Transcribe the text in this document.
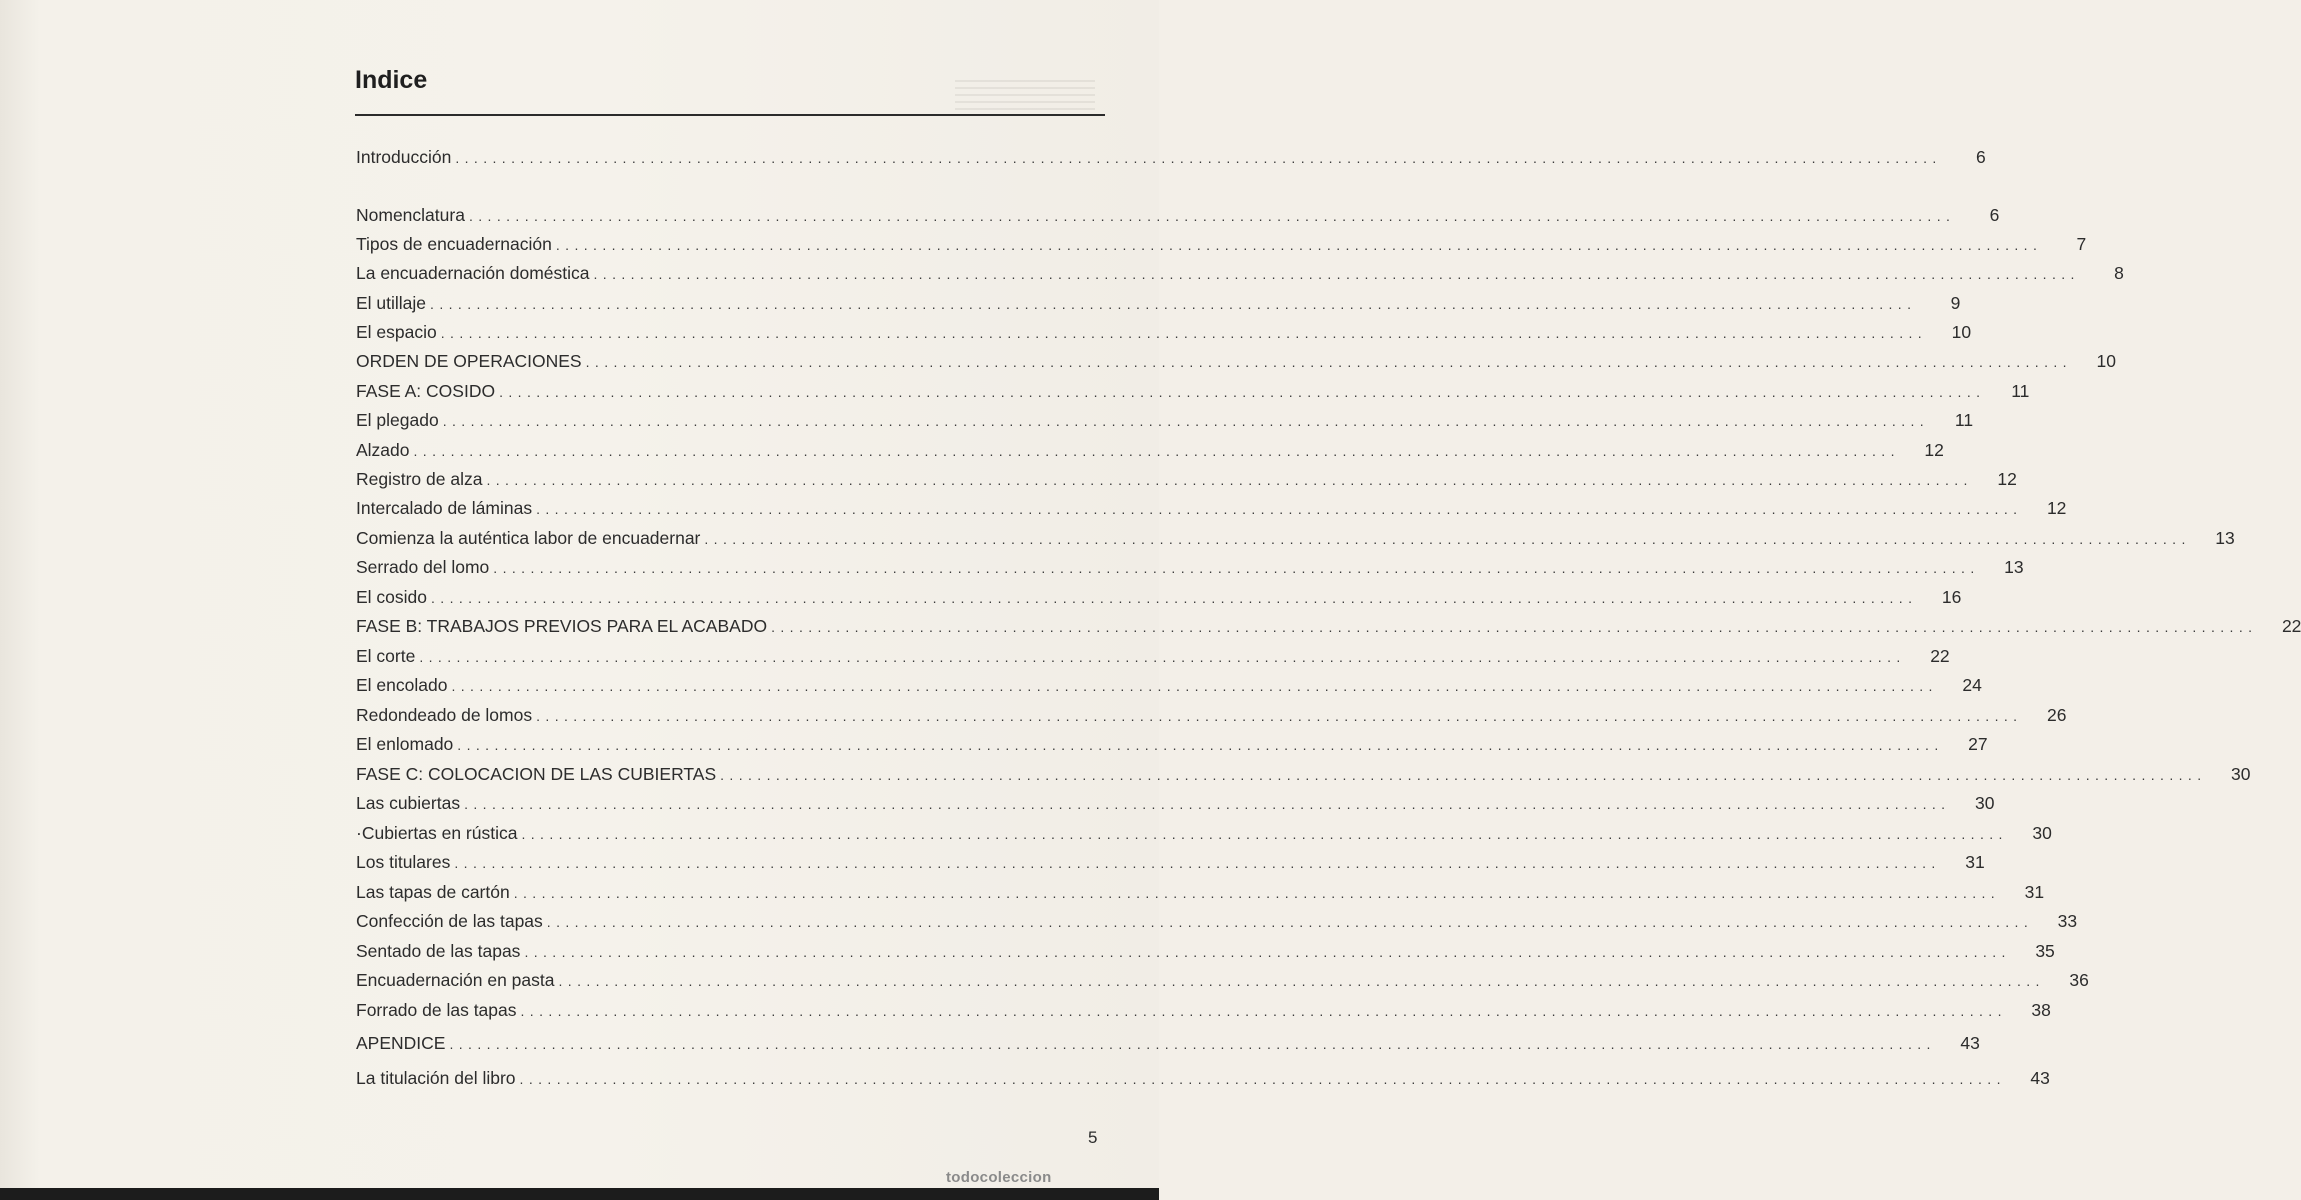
Indice
Introducción ................................................................................................................................................................	6
Nomenclatura ................................................................................................................................................................	6
Tipos de encuadernación ................................................................................................................................................................	7
La encuadernación doméstica ................................................................................................................................................................	8
El utillaje ................................................................................................................................................................	9
El espacio ................................................................................................................................................................	10
ORDEN DE OPERACIONES ................................................................................................................................................................	10
FASE A: COSIDO ................................................................................................................................................................	11
El plegado ................................................................................................................................................................	11
Alzado ................................................................................................................................................................	12
Registro de alza ................................................................................................................................................................	12
Intercalado de láminas ................................................................................................................................................................	12
Comienza la auténtica labor de encuadernar ................................................................................................................................................................	13
Serrado del lomo ................................................................................................................................................................	13
El cosido ................................................................................................................................................................	16
FASE B: TRABAJOS PREVIOS PARA EL ACABADO ................................................................................................................................................................	22
El corte ................................................................................................................................................................	22
El encolado ................................................................................................................................................................	24
Redondeado de lomos ................................................................................................................................................................	26
El enlomado ................................................................................................................................................................	27
FASE C: COLOCACION DE LAS CUBIERTAS ................................................................................................................................................................	30
Las cubiertas ................................................................................................................................................................	30
·Cubiertas en rústica ................................................................................................................................................................	30
Los titulares ................................................................................................................................................................	31
Las tapas de cartón ................................................................................................................................................................	31
Confección de las tapas ................................................................................................................................................................	33
Sentado de las tapas ................................................................................................................................................................	35
Encuadernación en pasta ................................................................................................................................................................	36
Forrado de las tapas ................................................................................................................................................................	38
APENDICE ................................................................................................................................................................	43
La titulación del libro ................................................................................................................................................................	43
5
todocoleccion
